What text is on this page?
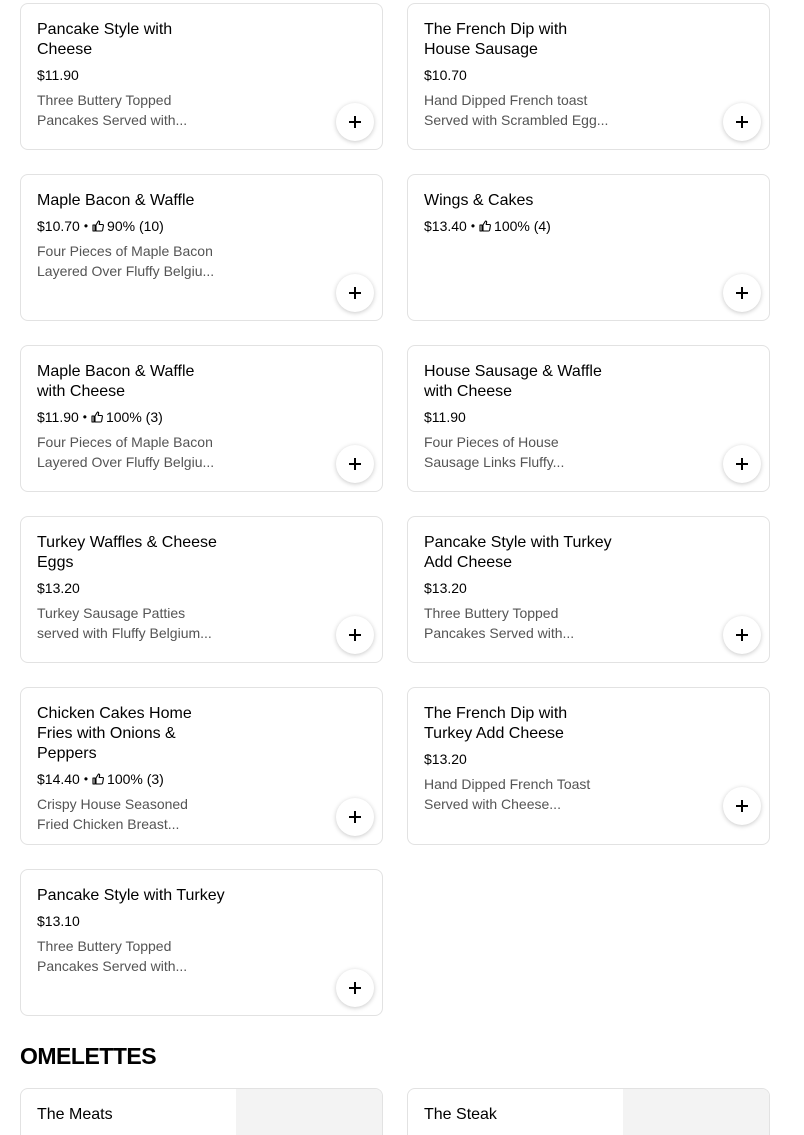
Pancake Style with Cheese
$11.90
Three Buttery Topped Pancakes Served with...
The French Dip with House Sausage
$10.70
Hand Dipped French toast Served with Scrambled Egg...
Maple Bacon & Waffle
$10.70 • 90% (10)
Four Pieces of Maple Bacon Layered Over Fluffy Belgiu...
Wings & Cakes
$13.40 • 100% (4)
Maple Bacon & Waffle with Cheese
$11.90 • 100% (3)
Four Pieces of Maple Bacon Layered Over Fluffy Belgiu...
House Sausage & Waffle with Cheese
$11.90
Four Pieces of House Sausage Links Fluffy...
Turkey Waffles & Cheese Eggs
$13.20
Turkey Sausage Patties served with Fluffy Belgium...
Pancake Style with Turkey Add Cheese
$13.20
Three Buttery Topped Pancakes Served with...
Chicken Cakes Home Fries with Onions & Peppers
$14.40 • 100% (3)
Crispy House Seasoned Fried Chicken Breast...
The French Dip with Turkey Add Cheese
$13.20
Hand Dipped French Toast Served with Cheese...
Pancake Style with Turkey
$13.10
Three Buttery Topped Pancakes Served with...
OMELETTES
The Meats	The Steak
